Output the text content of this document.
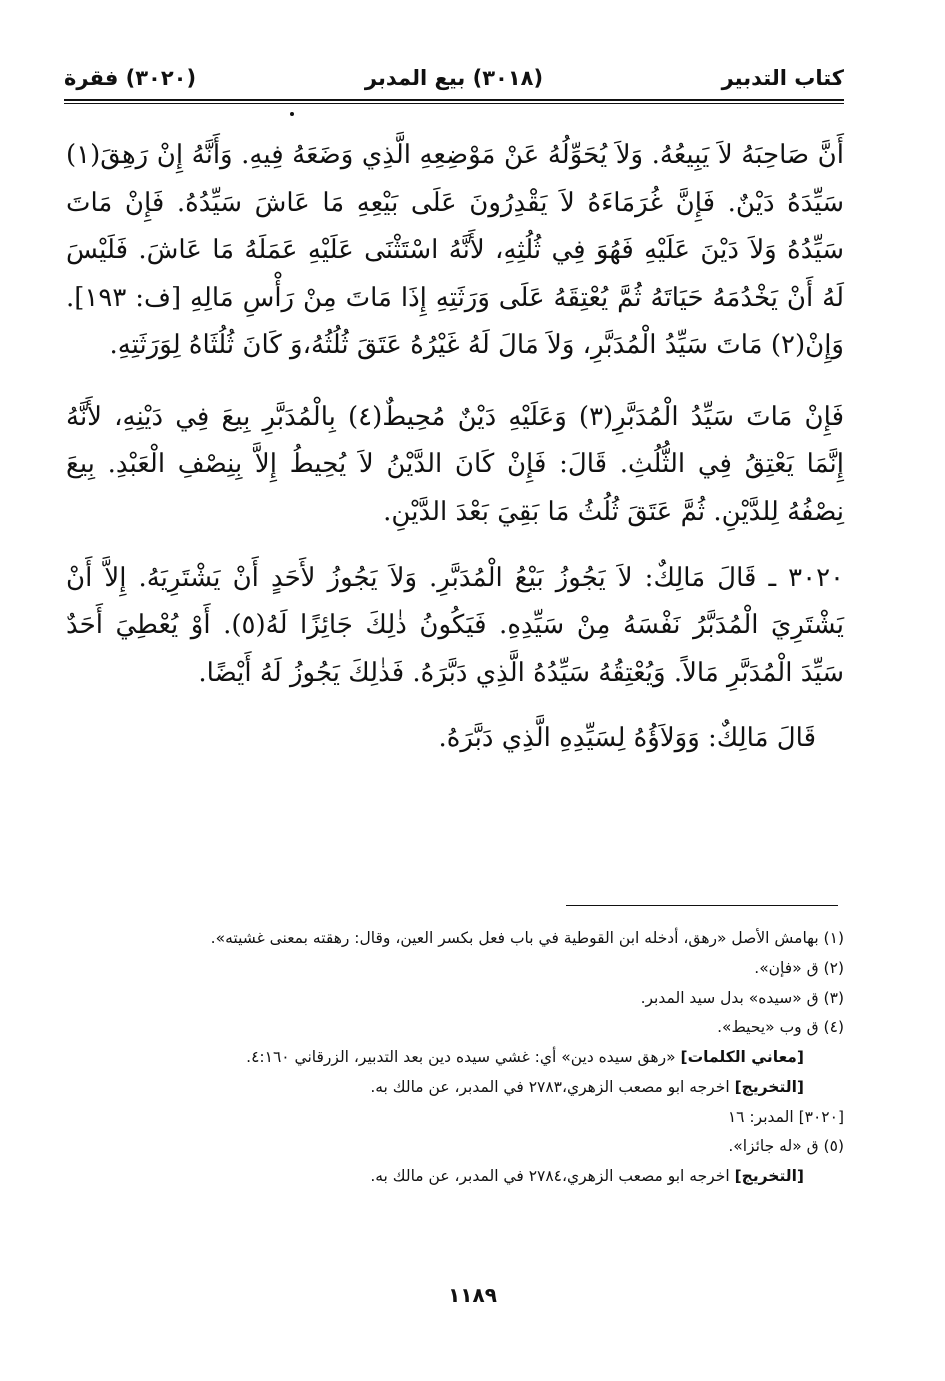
كتاب التدبير
(٣٠١٨) بيع المدبر
(٣٠٢٠) فقرة

أَنَّ صَاحِبَهُ لاَ يَبِيعُهُ. وَلاَ يُحَوِّلُهُ عَنْ مَوْضِعِهِ الَّذِي وَضَعَهُ فِيهِ. وَأَنَّهُ إِنْ رَهِقَ(١) سَيِّدَهُ دَيْنٌ. فَإِنَّ غُرَمَاءَهُ لاَ يَقْدِرُونَ عَلَى بَيْعِهِ مَا عَاشَ سَيِّدُهُ. فَإِنْ مَاتَ سَيِّدُهُ وَلاَ دَيْنَ عَلَيْهِ فَهُوَ فِي ثُلُثِهِ، لأَنَّهُ اسْتَثْنَى عَلَيْهِ عَمَلَهُ مَا عَاشَ. فَلَيْسَ لَهُ أَنْ يَخْدُمَهُ حَيَاتَهُ ثُمَّ يُعْتِقَهُ عَلَى وَرَثَتِهِ إِذَا مَاتَ مِنْ رَأْسِ مَالِهِ [ف: ١٩٣]. وَإِنْ(٢) مَاتَ سَيِّدُ الْمُدَبَّرِ، وَلاَ مَالَ لَهُ غَيْرُهُ عَتَقَ ثُلُثُهُ،وَ كَانَ ثُلُثَاهُ لِوَرَثَتِهِ.

فَإِنْ مَاتَ سَيِّدُ الْمُدَبَّرِ(٣) وَعَلَيْهِ دَيْنٌ مُحِيطٌ(٤) بِالْمُدَبَّرِ بِيعَ فِي دَيْنِهِ، لأَنَّهُ إِنَّمَا يَعْتِقُ فِي الثُّلُثِ. قَالَ: فَإِنْ كَانَ الدَّيْنُ لاَ يُحِيطُ إِلاَّ بِنِصْفِ الْعَبْدِ. بِيعَ نِصْفُهُ لِلدَّيْنِ. ثُمَّ عَتَقَ ثُلُثُ مَا بَقِيَ بَعْدَ الدَّيْنِ.

٣٠٢٠ ـ قَالَ مَالِكٌ: لاَ يَجُوزُ بَيْعُ الْمُدَبَّرِ. وَلاَ يَجُوزُ لأَحَدٍ أَنْ يَشْتَرِيَهُ. إِلاَّ أَنْ يَشْتَرِيَ الْمُدَبَّرُ نَفْسَهُ مِنْ سَيِّدِهِ. فَيَكُونُ ذٰلِكَ جَائِزًا لَهُ(٥). أَوْ يُعْطِيَ أَحَدٌ سَيِّدَ الْمُدَبَّرِ مَالاً. وَيُعْتِقُهُ سَيِّدُهُ الَّذِي دَبَّرَهُ. فَذٰلِكَ يَجُوزُ لَهُ أَيْضًا.

قَالَ مَالِكٌ: وَوَلاَؤُهُ لِسَيِّدِهِ الَّذِي دَبَّرَهُ.

(١) بهامش الأصل «رهق، أدخله ابن القوطية في باب فعل بكسر العين، وقال: رهقته بمعنى غشيته».

(٢) ق «فإن».

(٣) ق «سيده» بدل سيد المدبر.

(٤) ق وب «يحيط».

[معاني الكلمات] «رهق سيده دين» أي: غشي سيده دين بعد التدبير، الزرقاني ٤:١٦٠.

[التخريج] اخرجه ابو مصعب الزهري،٢٧٨٣ في المدبر، عن مالك به.

[٣٠٢٠] المدبر: ١٦

(٥) ق «له جائزا».

[التخريج] اخرجه ابو مصعب الزهري،٢٧٨٤ في المدبر، عن مالك به.

١١٨٩
